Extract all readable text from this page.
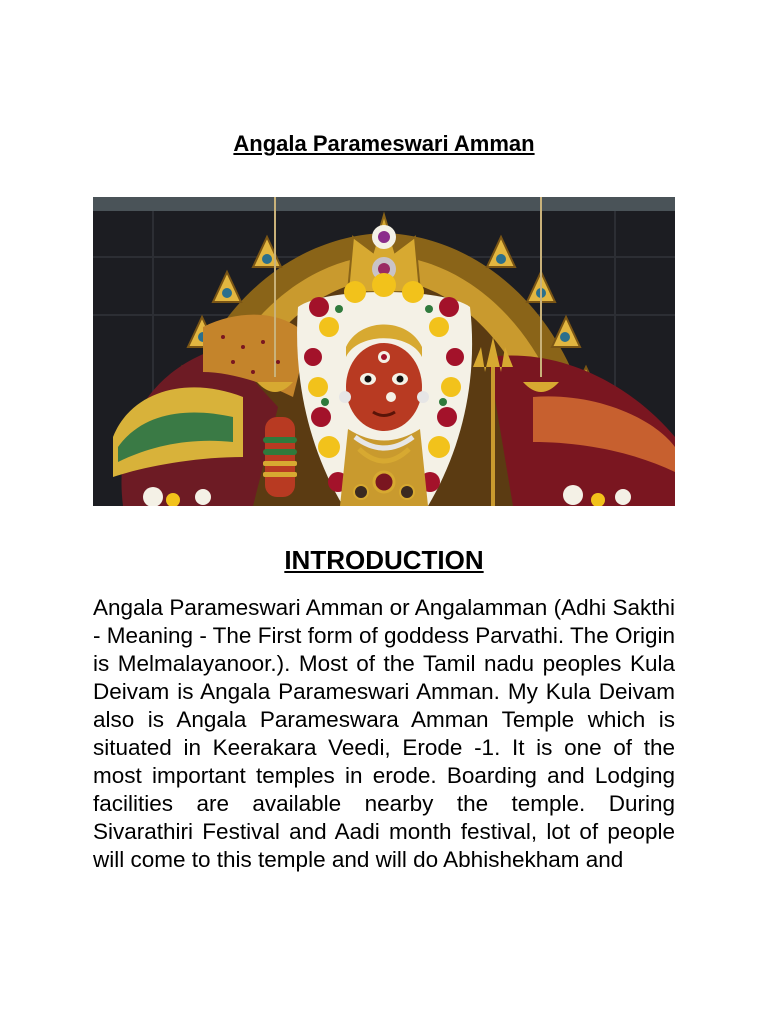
Angala Parameswari Amman
INTRODUCTION

Angala Parameswari Amman or Angalamman (Adhi Sakthi - Meaning - The First form of goddess Parvathi. The Origin is Melmalayanoor.). Most of the Tamil nadu peoples Kula Deivam is Angala Parameswari Amman. My Kula Deivam also is Angala Parameswara Amman Temple which is situated in Keerakara Veedi, Erode -1. It is one of the most important temples in erode. Boarding and Lodging facilities are available nearby the temple. During Sivarathiri Festival and Aadi month festival, lot of people will come to this temple and will do Abhishekham and
